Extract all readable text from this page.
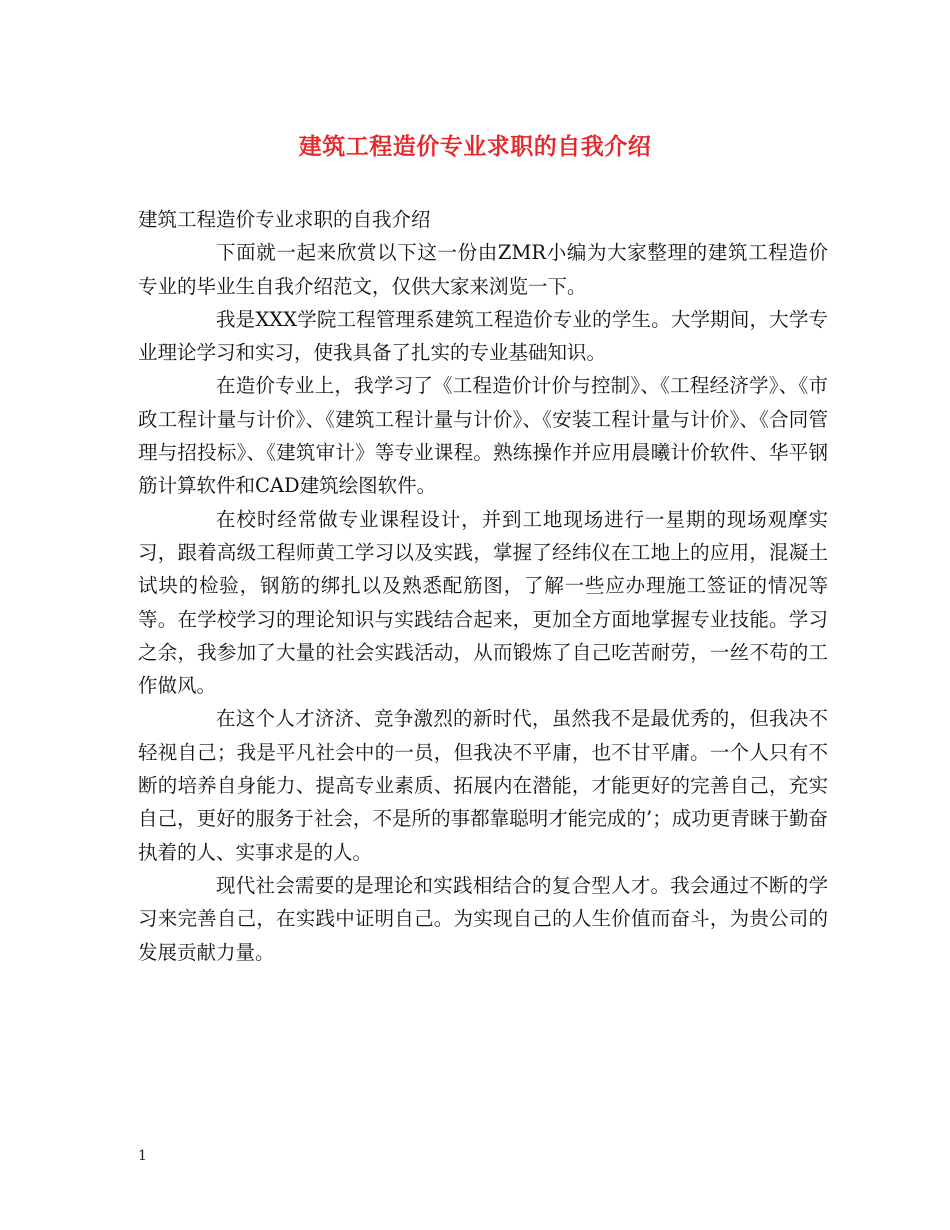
建筑工程造价专业求职的自我介绍

建筑工程造价专业求职的自我介绍

下面就一起来欣赏以下这一份由ZMR小编为大家整理的建筑工程造价专业的毕业生自我介绍范文，仅供大家来浏览一下。

我是XXX学院工程管理系建筑工程造价专业的学生。大学期间，大学专业理论学习和实习，使我具备了扎实的专业基础知识。

在造价专业上，我学习了《工程造价计价与控制》、《工程经济学》、《市政工程计量与计价》、《建筑工程计量与计价》、《安装工程计量与计价》、《合同管理与招投标》、《建筑审计》等专业课程。熟练操作并应用晨曦计价软件、华平钢筋计算软件和CAD建筑绘图软件。

在校时经常做专业课程设计，并到工地现场进行一星期的现场观摩实习，跟着高级工程师黄工学习以及实践，掌握了经纬仪在工地上的应用，混凝土试块的检验，钢筋的绑扎以及熟悉配筋图，了解一些应办理施工签证的情况等等。在学校学习的理论知识与实践结合起来，更加全方面地掌握专业技能。学习之余，我参加了大量的社会实践活动，从而锻炼了自己吃苦耐劳，一丝不苟的工作做风。

在这个人才济济、竞争激烈的新时代，虽然我不是最优秀的，但我决不轻视自己；我是平凡社会中的一员，但我决不平庸，也不甘平庸。一个人只有不断的培养自身能力、提高专业素质、拓展内在潜能，才能更好的完善自己，充实自己，更好的服务于社会，不是所的事都靠聪明才能完成的’；成功更青睐于勤奋执着的人、实事求是的人。

现代社会需要的是理论和实践相结合的复合型人才。我会通过不断的学习来完善自己，在实践中证明自己。为实现自己的人生价值而奋斗，为贵公司的发展贡献力量。

1
